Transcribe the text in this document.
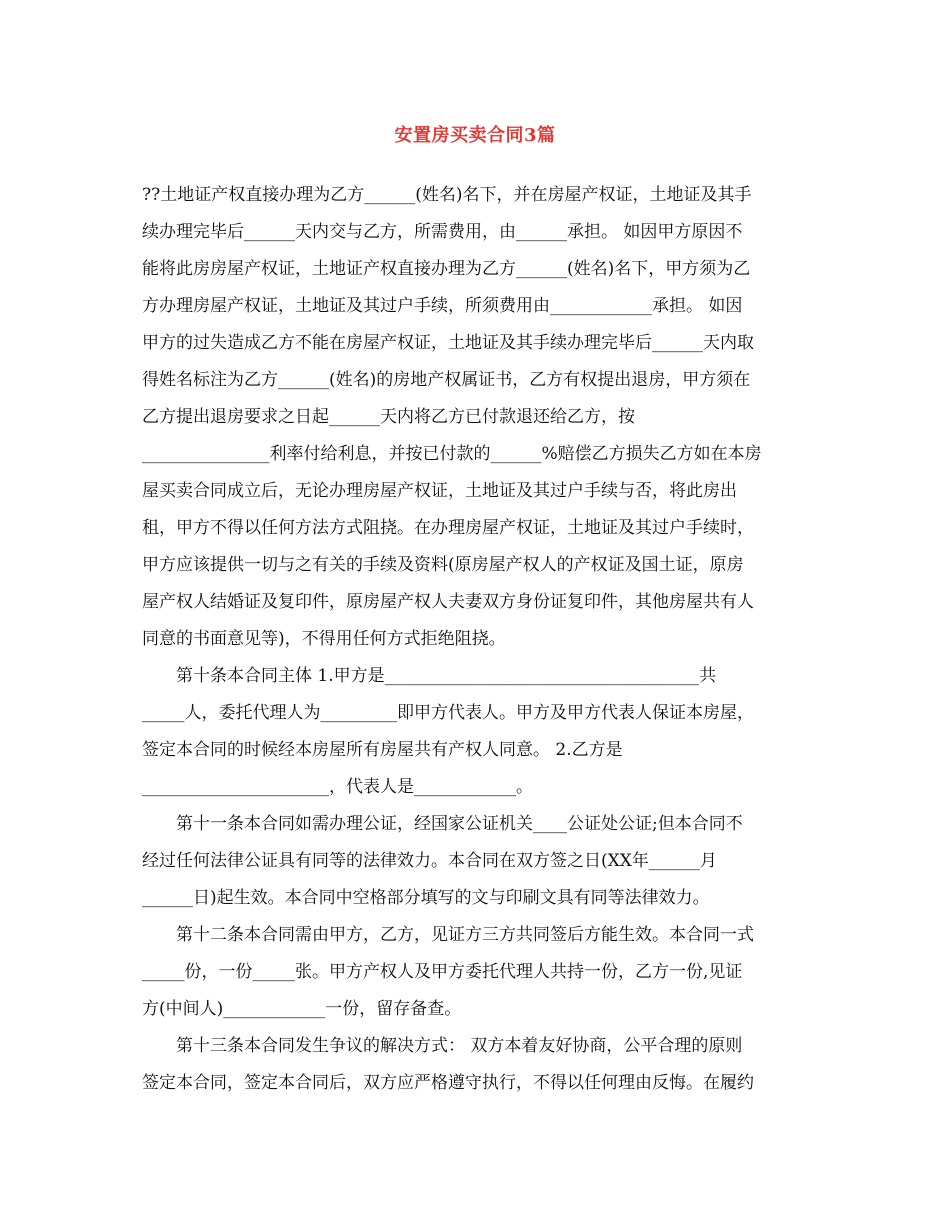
安置房买卖合同3篇
??土地证产权直接办理为乙方______(姓名)名下，并在房屋产权证，土地证及其手
续办理完毕后______天内交与乙方，所需费用，由______承担。 如因甲方原因不
能将此房房屋产权证，土地证产权直接办理为乙方______(姓名)名下，甲方须为乙
方办理房屋产权证，土地证及其过户手续，所须费用由____________承担。 如因
甲方的过失造成乙方不能在房屋产权证，土地证及其手续办理完毕后______天内取
得姓名标注为乙方______(姓名)的房地产权属证书，乙方有权提出退房，甲方须在
乙方提出退房要求之日起______天内将乙方已付款退还给乙方，按
_______________利率付给利息，并按已付款的______%赔偿乙方损失乙方如在本房
屋买卖合同成立后，无论办理房屋产权证，土地证及其过户手续与否，将此房出
租，甲方不得以任何方法方式阻挠。在办理房屋产权证，土地证及其过户手续时，
甲方应该提供一切与之有关的手续及资料(原房屋产权人的产权证及国土证，原房
屋产权人结婚证及复印件，原房屋产权人夫妻双方身份证复印件，其他房屋共有人
同意的书面意见等)，不得用任何方式拒绝阻挠。
第十条本合同主体 1.甲方是_____________________________________共
_____人，委托代理人为_________即甲方代表人。甲方及甲方代表人保证本房屋，
签定本合同的时候经本房屋所有房屋共有产权人同意。 2.乙方是
______________________，代表人是____________。
第十一条本合同如需办理公证，经国家公证机关____公证处公证;但本合同不
经过任何法律公证具有同等的法律效力。本合同在双方签之日(XX年______月
______日)起生效。本合同中空格部分填写的文与印刷文具有同等法律效力。
第十二条本合同需由甲方，乙方，见证方三方共同签后方能生效。本合同一式
_____份，一份_____张。甲方产权人及甲方委托代理人共持一份，乙方一份,见证
方(中间人)____________一份，留存备查。
第十三条本合同发生争议的解决方式： 双方本着友好协商，公平合理的原则
签定本合同，签定本合同后，双方应严格遵守执行，不得以任何理由反悔。在履约
